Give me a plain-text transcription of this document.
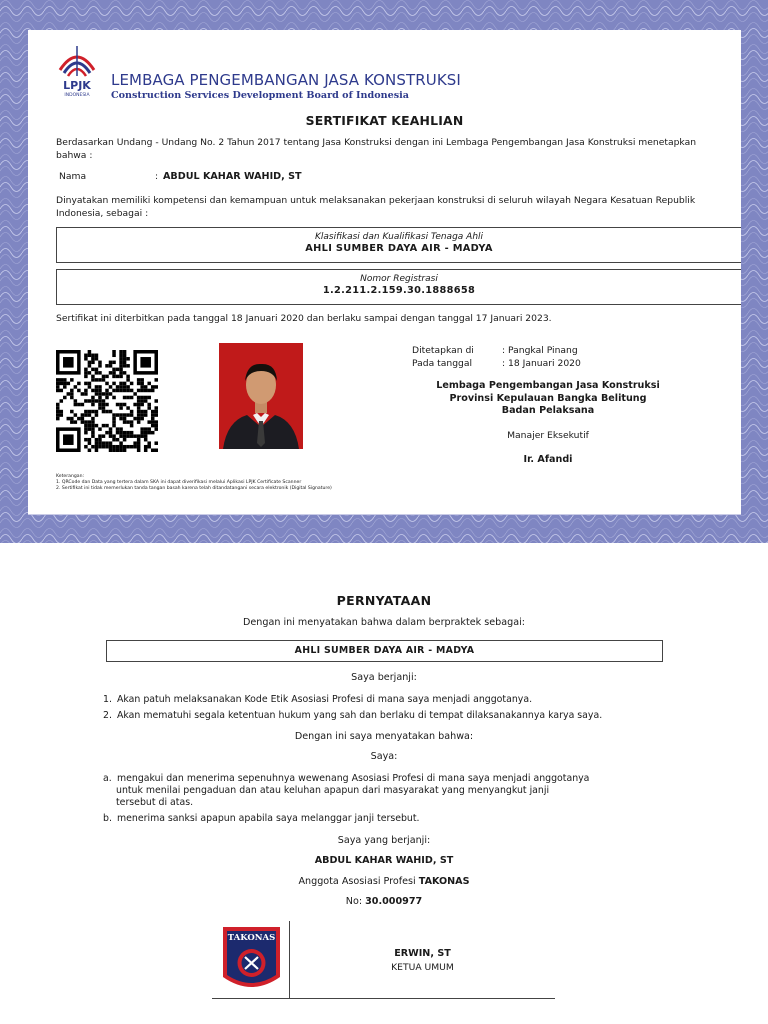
LPJK
INDONESIA
LEMBAGA PENGEMBANGAN JASA KONSTRUKSI
Construction Services Development Board of Indonesia
SERTIFIKAT KEAHLIAN
Berdasarkan Undang - Undang No. 2 Tahun 2017 tentang Jasa Konstruksi dengan ini Lembaga Pengembangan Jasa Konstruksi menetapkan
bahwa :
Nama	: ABDUL KAHAR WAHID, ST
Dinyatakan memiliki kompetensi dan kemampuan untuk melaksanakan pekerjaan konstruksi di seluruh wilayah Negara Kesatuan Republik
Indonesia, sebagai :
Klasifikasi dan Kualifikasi Tenaga Ahli
AHLI SUMBER DAYA AIR - MADYA
Nomor Registrasi
1.2.211.2.159.30.1888658
Sertifikat ini diterbitkan pada tanggal 18 Januari 2020 dan berlaku sampai dengan tanggal 17 Januari 2023.
Ditetapkan di	: Pangkal Pinang
Pada tanggal	: 18 Januari 2020
Lembaga Pengembangan Jasa Konstruksi
Provinsi Kepulauan Bangka Belitung
Badan Pelaksana
Manajer Eksekutif
Ir. Afandi
Keterangan:
1. QRCode dan Data yang tertera dalam SKA ini dapat diverifikasi melalui Aplikasi LPJK Certificate Scanner
2. Sertifikat ini tidak memerlukan tanda tangan basah karena telah ditandatangani secara elektronik (Digital Signature)
PERNYATAAN
Dengan ini menyatakan bahwa dalam berpraktek sebagai:
AHLI SUMBER DAYA AIR - MADYA
Saya berjanji:
1. Akan patuh melaksanakan Kode Etik Asosiasi Profesi di mana saya menjadi anggotanya.
2. Akan mematuhi segala ketentuan hukum yang sah dan berlaku di tempat dilaksanakannya karya saya.
Dengan ini saya menyatakan bahwa:
Saya:
a. mengakui dan menerima sepenuhnya wewenang Asosiasi Profesi di mana saya menjadi anggotanya
untuk menilai pengaduan dan atau keluhan apapun dari masyarakat yang menyangkut janji
tersebut di atas.
b. menerima sanksi apapun apabila saya melanggar janji tersebut.
Saya yang berjanji:
ABDUL KAHAR WAHID, ST
Anggota Asosiasi Profesi TAKONAS
No: 30.000977
TAKONAS
ERWIN, ST
KETUA UMUM
